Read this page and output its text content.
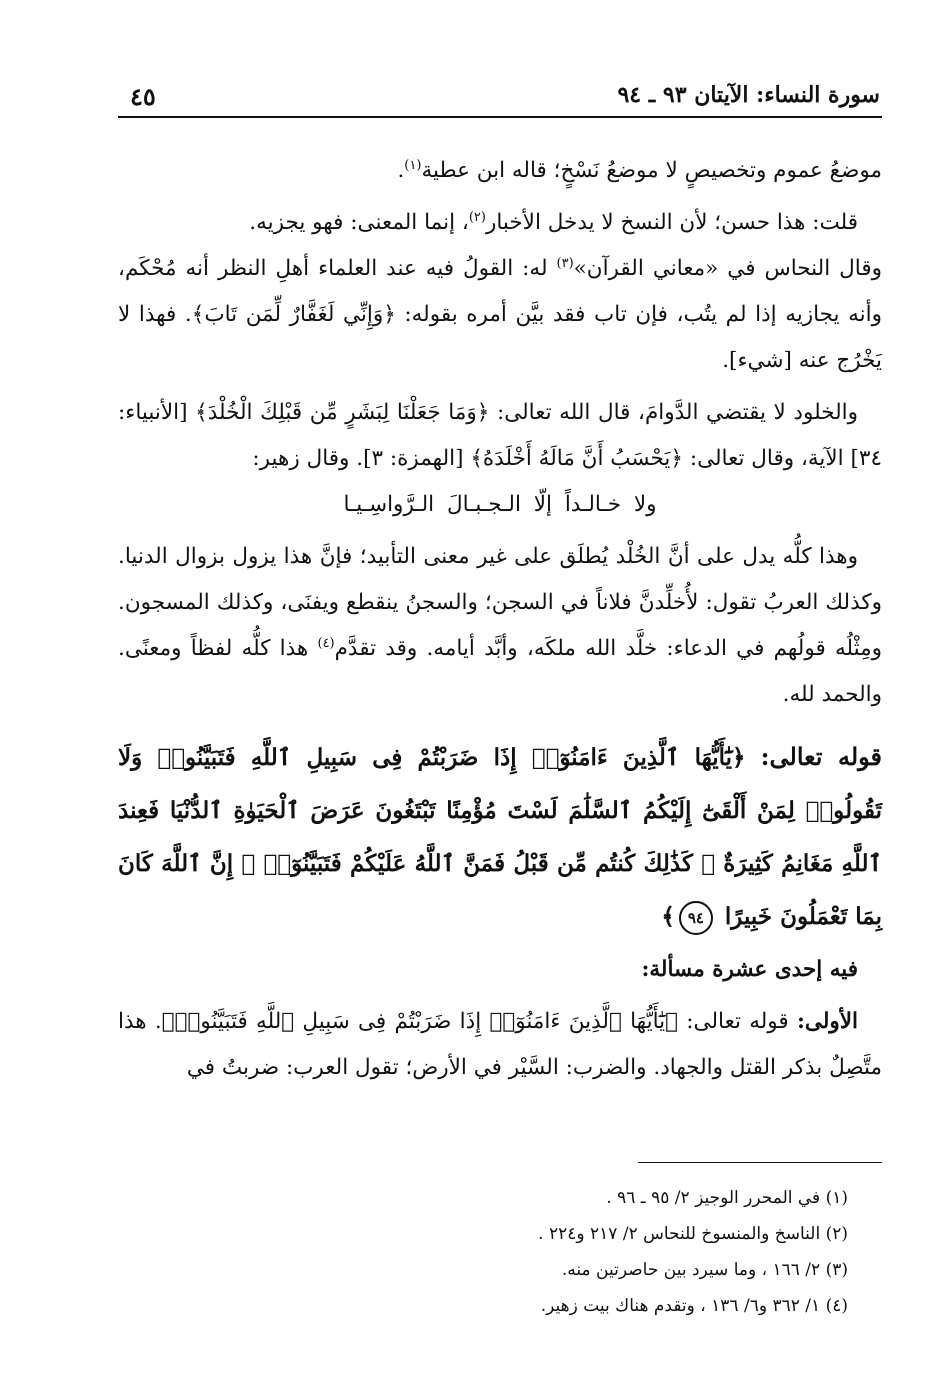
سورة النساء: الآيتان ٩٣ ـ ٩٤
٤٥

موضعُ عموم وتخصيصٍ لا موضعُ نَسْخٍ؛ قاله ابن عطية$^{(١)}$.

قلت: هذا حسن؛ لأن النسخ لا يدخل الأخبار$^{(٢)}$، إنما المعنى: فهو يجزيه.

وقال النحاس في «معاني القرآن»$^{(٣)}$ له: القولُ فيه عند العلماء أهلِ النظر أنه مُحْكَم، وأنه يجازيه إذا لم يتُب، فإن تاب فقد بيَّن أمره بقوله: ﴿وَإِنِّي لَغَفَّارٌ لِّمَن تَابَ﴾. فهذا لا يَخْرُج عنه [شيء].

والخلود لا يقتضي الدَّوامَ، قال الله تعالى: ﴿وَمَا جَعَلْنَا لِبَشَرٍ مِّن قَبْلِكَ الْخُلْدَ﴾ [الأنبياء: ٣٤] الآية، وقال تعالى: ﴿يَحْسَبُ أَنَّ مَالَهُ أَخْلَدَهُ﴾ [الهمزة: ٣]. وقال زهير:

ولا خـالـداً إلّا الـجـبـالَ الـرَّواسِـيـا

وهذا كلُّه يدل على أنَّ الخُلْد يُطلَق على غير معنى التأبيد؛ فإنَّ هذا يزول بزوال الدنيا. وكذلك العربُ تقول: لأُخلِّدنَّ فلاناً في السجن؛ والسجنُ ينقطع ويفنَى، وكذلك المسجون. ومِثْلُه قولُهم في الدعاء: خلَّد الله ملكَه، وأبَّد أيامه. وقد تقدَّم$^{(٤)}$ هذا كلُّه لفظاً ومعنًى. والحمد لله.

قوله تعالى: ﴿يَٰٓأَيُّهَا ٱلَّذِينَ ءَامَنُوٓا۟ إِذَا ضَرَبْتُمْ فِى سَبِيلِ ٱللَّهِ فَتَبَيَّنُوا۟ وَلَا تَقُولُوا۟ لِمَنْ أَلْقَىٰٓ إِلَيْكُمُ ٱلسَّلَٰمَ لَسْتَ مُؤْمِنًا تَبْتَغُونَ عَرَضَ ٱلْحَيَوٰةِ ٱلدُّنْيَا فَعِندَ ٱللَّهِ مَغَانِمُ كَثِيرَةٌ ۚ كَذَٰلِكَ كُنتُم مِّن قَبْلُ فَمَنَّ ٱللَّهُ عَلَيْكُمْ فَتَبَيَّنُوٓا۟ ۚ إِنَّ ٱللَّهَ كَانَ بِمَا تَعْمَلُونَ خَبِيرًا ٩٤﴾

فيه إحدى عشرة مسألة:

الأولى: قوله تعالى: ﴿يَٰٓأَيُّهَا ٱلَّذِينَ ءَامَنُوٓا۟ إِذَا ضَرَبْتُمْ فِى سَبِيلِ ٱللَّهِ فَتَبَيَّنُوا۟﴾. هذا متَّصِلٌ بذكر القتل والجهاد. والضرب: السَّيْر في الأرض؛ تقول العرب: ضربتُ في

(١) في المحرر الوجيز ٢/ ٩٥ ـ ٩٦ .

(٢) الناسخ والمنسوخ للنحاس ٢/ ٢١٧ و٢٢٤ .

(٣) ٢/ ١٦٦ ، وما سيرد بين حاصرتين منه.

(٤) ١/ ٣٦٢ و٦/ ١٣٦ ، وتقدم هناك بيت زهير.
